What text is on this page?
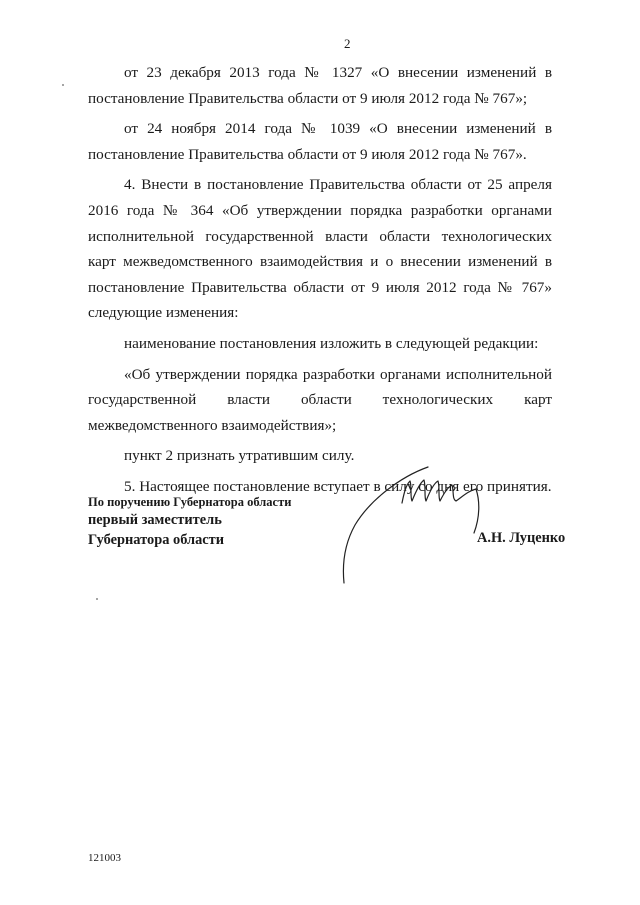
2

от 23 декабря 2013 года № 1327 «О внесении изменений в постановление Правительства области от 9 июля 2012 года № 767»;

от 24 ноября 2014 года № 1039 «О внесении изменений в постановление Правительства области от 9 июля 2012 года № 767».

4. Внести в постановление Правительства области от 25 апреля 2016 года № 364 «Об утверждении порядка разработки органами исполнительной государственной власти области технологических карт межведомственного взаимодействия и о внесении изменений в постановление Правительства области от 9 июля 2012 года № 767» следующие изменения:

наименование постановления изложить в следующей редакции:

«Об утверждении порядка разработки органами исполнительной государственной власти области технологических карт межведомственного взаимодействия»;

пункт 2 признать утратившим силу.

5. Настоящее постановление вступает в силу со дня его принятия.

По поручению Губернатора области
первый заместитель
Губернатора области	А.Н. Луценко
121003
